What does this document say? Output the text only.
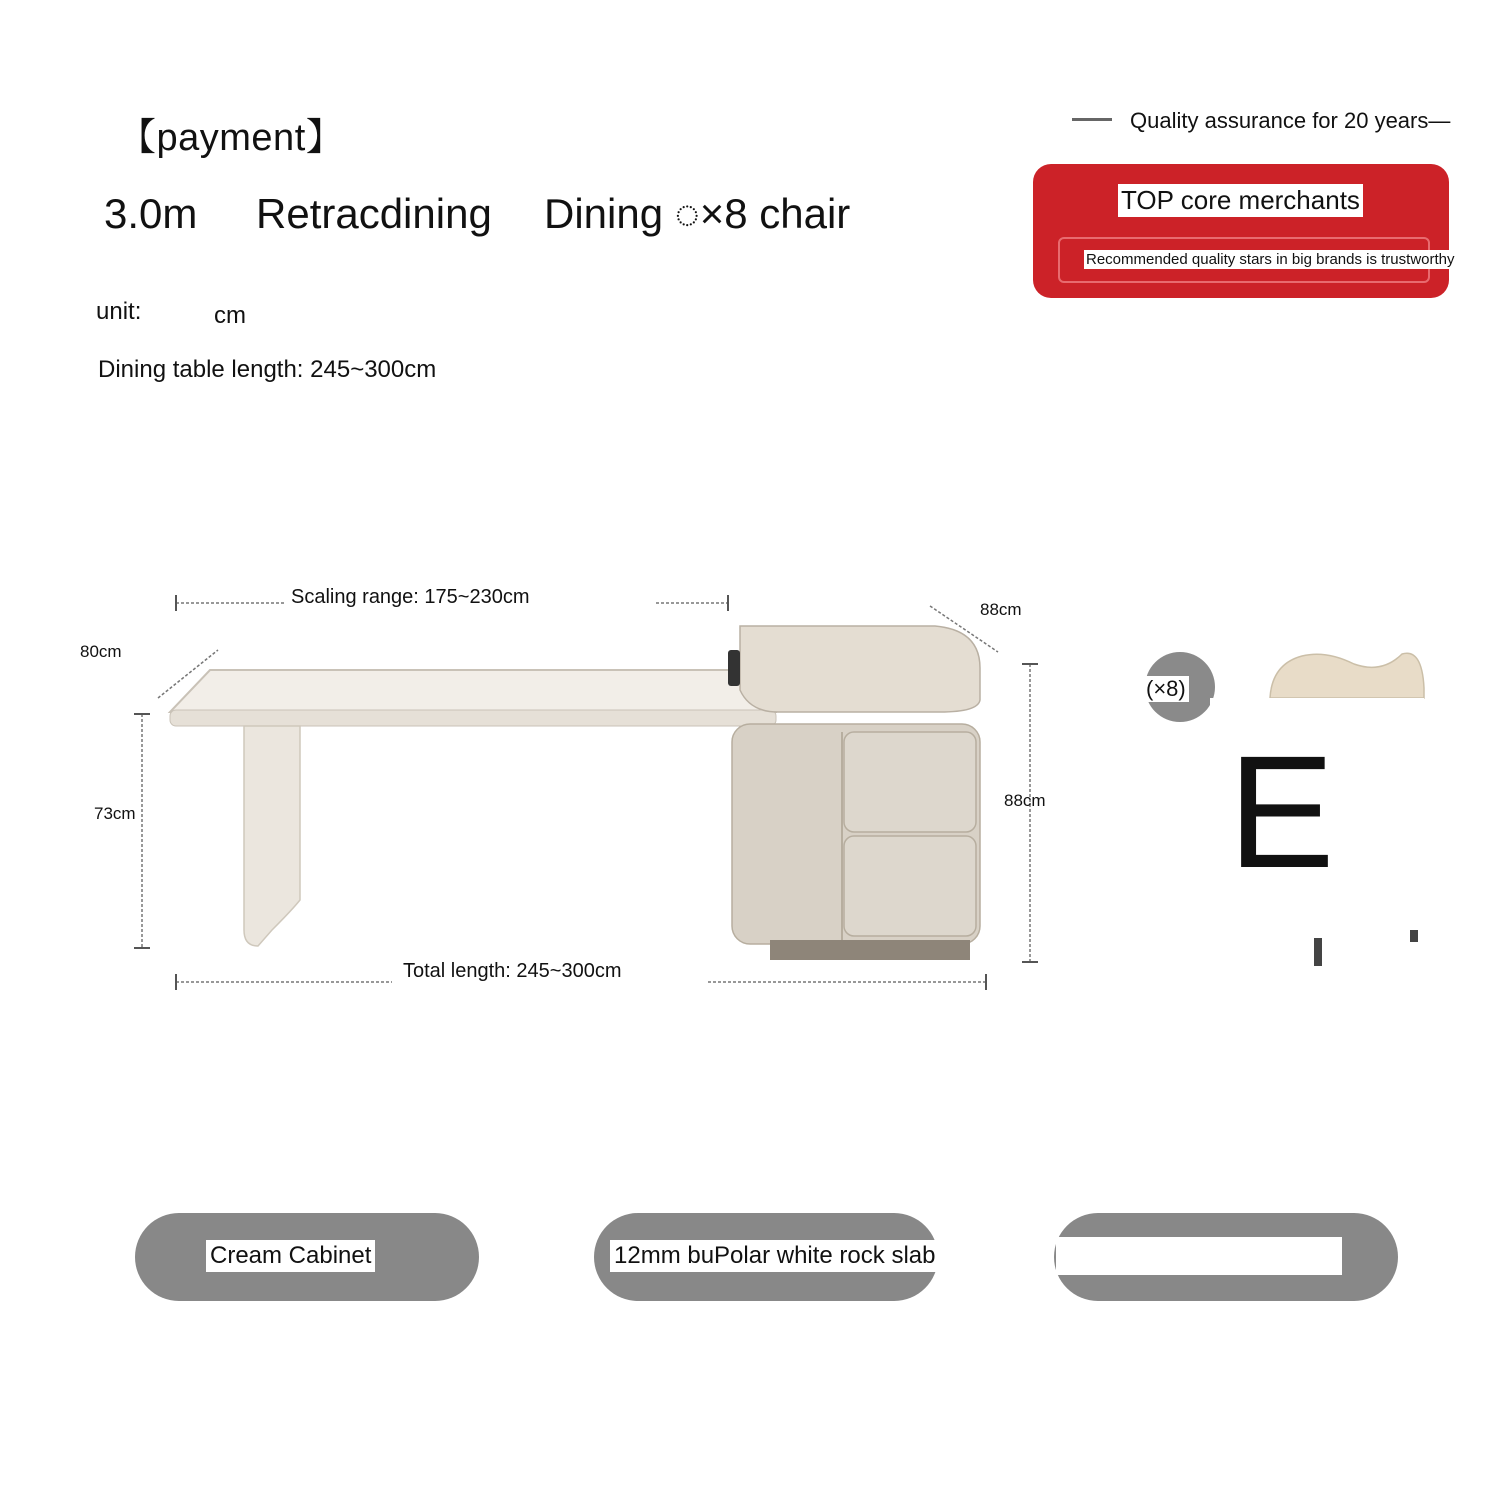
【payment】
3.0m Retracdining Dining ◌×8 chair
unit:	cm
Dining table length: 245~300cm
Quality assurance for 20 years—
TOP core merchants
Recommended quality stars in big brands is trustworthy
Scaling range: 175~230cm
80cm
73cm
88cm
88cm
Total length: 245~300cm
(×8)
E
Cream Cabinet	12mm buPolar white rock slab
